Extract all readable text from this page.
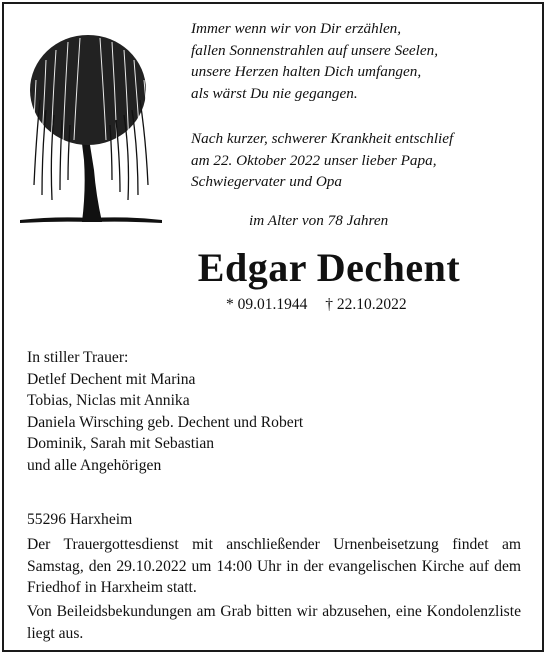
Immer wenn wir von Dir erzählen,
fallen Sonnenstrahlen auf unsere Seelen,
unsere Herzen halten Dich umfangen,
als wärst Du nie gegangen.
Nach kurzer, schwerer Krankheit entschlief
am 22. Oktober 2022 unser lieber Papa,
Schwiegervater und Opa
im Alter von 78 Jahren
Edgar Dechent
* 09.01.1944 † 22.10.2022
In stiller Trauer:
Detlef Dechent mit Marina
Tobias, Niclas mit Annika
Daniela Wirsching geb. Dechent und Robert
Dominik, Sarah mit Sebastian
und alle Angehörigen
55296 Harxheim
Der Trauergottesdienst mit anschließender Urnenbeisetzung findet am Samstag, den 29.10.2022 um 14:00 Uhr in der evangelischen Kirche auf dem Friedhof in Harxheim statt.
Von Beileidsbekundungen am Grab bitten wir abzusehen, eine Kondolenzliste liegt aus.
